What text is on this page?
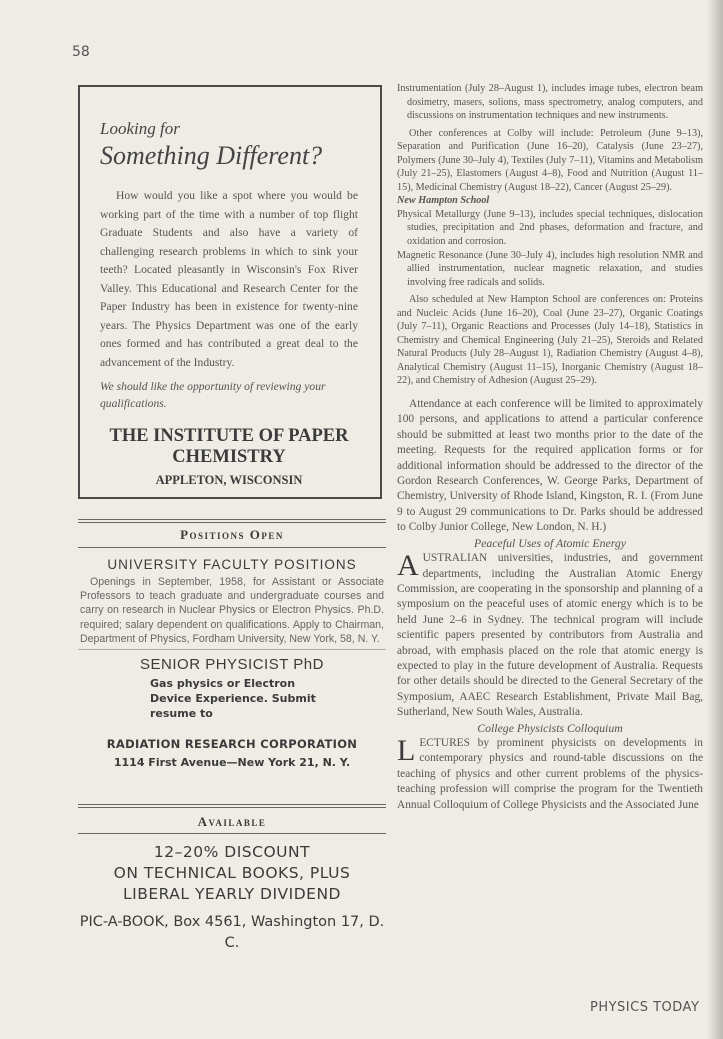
58
Looking for
Something Different?
How would you like a spot where you would be working part of the time with a number of top flight Graduate Students and also have a variety of challenging research problems in which to sink your teeth? Located pleasantly in Wisconsin's Fox River Valley. This Educational and Research Center for the Paper Industry has been in existence for twenty-nine years. The Physics Department was one of the early ones formed and has contributed a great deal to the advancement of the Industry.
We should like the opportunity of reviewing your qualifications.
THE INSTITUTE OF PAPER CHEMISTRY
APPLETON, WISCONSIN
Positions Open
UNIVERSITY FACULTY POSITIONS
Openings in September, 1958, for Assistant or Associate Professors to teach graduate and undergraduate courses and carry on research in Nuclear Physics or Electron Physics. Ph.D. required; salary dependent on qualifications. Apply to Chairman, Department of Physics, Fordham University, New York, 58, N. Y.
SENIOR PHYSICIST PhD
Gas physics or Electron
Device Experience. Submit
resume to
RADIATION RESEARCH CORPORATION
1114 First Avenue—New York 21, N. Y.
Available
12–20% DISCOUNT
ON TECHNICAL BOOKS, PLUS
LIBERAL YEARLY DIVIDEND
PIC-A-BOOK, Box 4561, Washington 17, D. C.

Instrumentation (July 28–August 1), includes image tubes, electron beam dosimetry, masers, solions, mass spectrometry, analog computers, and discussions on instrumentation techniques and new instruments.

Other conferences at Colby will include: Petroleum (June 9–13), Separation and Purification (June 16–20), Catalysis (June 23–27), Polymers (June 30–July 4), Textiles (July 7–11), Vitamins and Metabolism (July 21–25), Elastomers (August 4–8), Food and Nutrition (August 11–15), Medicinal Chemistry (August 18–22), Cancer (August 25–29).

New Hampton School

Physical Metallurgy (June 9–13), includes special techniques, dislocation studies, precipitation and 2nd phases, deformation and fracture, and oxidation and corrosion.

Magnetic Resonance (June 30–July 4), includes high resolution NMR and allied instrumentation, nuclear magnetic relaxation, and studies involving free radicals and solids.

Also scheduled at New Hampton School are conferences on: Proteins and Nucleic Acids (June 16–20), Coal (June 23–27), Organic Coatings (July 7–11), Organic Reactions and Processes (July 14–18), Statistics in Chemistry and Chemical Engineering (July 21–25), Steroids and Related Natural Products (July 28–August 1), Radiation Chemistry (August 4–8), Analytical Chemistry (August 11–15), Inorganic Chemistry (August 18–22), and Chemistry of Adhesion (August 25–29).

Attendance at each conference will be limited to approximately 100 persons, and applications to attend a particular conference should be submitted at least two months prior to the date of the meeting. Requests for the required application forms or for additional information should be addressed to the director of the Gordon Research Conferences, W. George Parks, Department of Chemistry, University of Rhode Island, Kingston, R. I. (From June 9 to August 29 communications to Dr. Parks should be addressed to Colby Junior College, New London, N. H.)

Peaceful Uses of Atomic Energy

AUSTRALIAN universities, industries, and government departments, including the Australian Atomic Energy Commission, are cooperating in the sponsorship and planning of a symposium on the peaceful uses of atomic energy which is to be held June 2–6 in Sydney. The technical program will include scientific papers presented by contributors from Australia and abroad, with emphasis placed on the role that atomic energy is expected to play in the future development of Australia. Requests for other details should be directed to the General Secretary of the Symposium, AAEC Research Establishment, Private Mail Bag, Sutherland, New South Wales, Australia.

College Physicists Colloquium

LECTURES by prominent physicists on developments in contemporary physics and round-table discussions on the teaching of physics and other current problems of the physics-teaching profession will comprise the program for the Twentieth Annual Colloquium of College Physicists and the Associated June

PHYSICS TODAY
